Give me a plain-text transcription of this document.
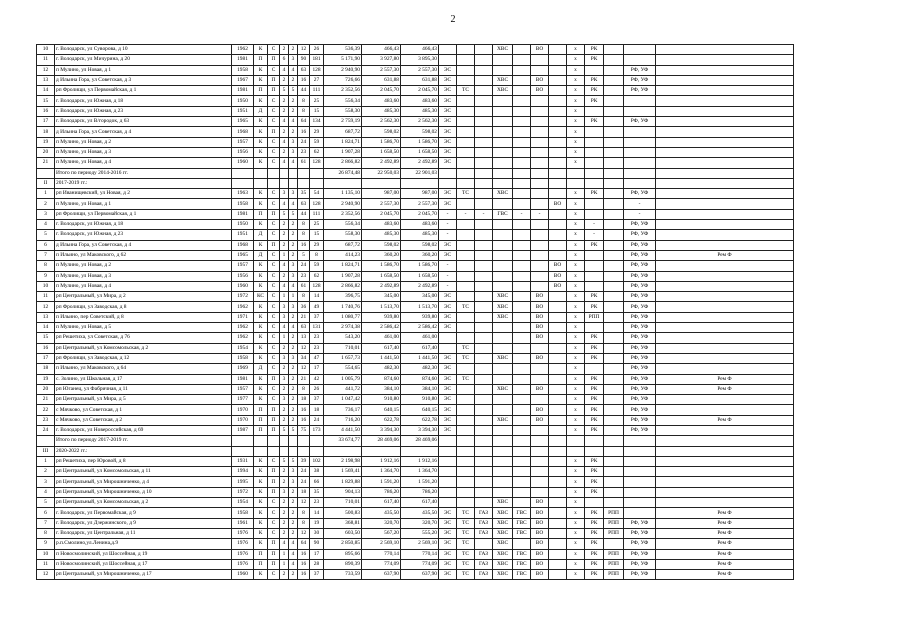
2
10	г. Володарск, ул Суворова, д 10	1962	К	С	2	2	12	26	536,39	466,43	466,43				ХВС		ВО		х	РК			
11	г. Володарск, ул Мичурина, д 20	1981	П	П	6	3	90	181	5 171,90	3 927,80	3 895,30								х	РК			
12	п Мулино, ул Новая, д 1	1958	К	С	4	4	63	128	2 940,90	2 557,30	2 557,30	ЭС							х			РФ, УФ	
13	д Ильина Гора, ул Советская, д 3	1967	К	П	2	2	16	27	726,66	631,88	631,88	ЭС			ХВС		ВО		х	РК		РФ, УФ	
14	рп Фролищи, ул Первомайская, д 1	1981	П	П	5	5	44	111	2 352,56	2 045,70	2 045,70	ЭС	ТС		ХВС		ВО		х	РК		РФ, УФ	
15	г. Володарск, ул Южная, д 18	1950	К	С	2	2	8	25	556,34	483,60	483,60	ЭС							х	РК			
16	г. Володарск, ул Южная, д 23	1951	Д	С	2	2	8	15	558,30	485,30	485,30	ЭС							х				
17	г. Володарск, ул В/городок, д 63	1965	К	С	4	4	64	134	2 759,19	2 562,30	2 562,30	ЭС							х	РК		РФ, УФ	
18	д Ильина Гора, ул Советская, д 4	1968	К	П	2	2	16	29	687,72	598,02	598,02	ЭС							х				
19	п Мулино, ул Новая, д 2	1957	К	С	4	3	24	59	1 824,71	1 586,70	1 586,70	ЭС							х				
20	п Мулино, ул Новая, д 3	1956	К	С	2	3	23	62	1 907,28	1 658,50	1 658,50	ЭС							х				
21	п Мулино, ул Новая, д 4	1960	К	С	4	4	61	128	2 866,82	2 492,89	2 492,89	ЭС							х				
	Итого по периоду 2014-2016 гг.								26 874,48	22 950,03	22 901,03												
II	2017-2019 гг.:																						
1	рп Иванищевский, ул Новая, д 2	1963	К	С	3	3	35	54	1 135,10	987,00	987,00	ЭС	ТС		ХВС				х	РК		РФ, УФ	
2	п Мулино, ул Новая, д 1	1958	К	С	4	4	63	128	2 940,90	2 557,30	2 557,30	ЭС						ВО	х			-	
3	рп Фролищи, ул Первомайская, д 1	1981	П	П	5	5	44	111	2 352,56	2 045,70	2 045,70	-	-	-	ГВС	-	-		х			-	
4	г. Володарск, ул Южная, д 18	1950	К	С	2	2	8	25	556,34	483,60	483,60	-							х	-		РФ, УФ	
5	г. Володарск, ул Южная, д 23	1951	Д	С	2	2	8	15	558,30	485,30	485,30	-							х	-		РФ, УФ	
6	д Ильина Гора, ул Советская, д 4	1968	К	П	2	2	16	29	687,72	598,02	598,02	ЭС							х	РК		РФ, УФ	
7	п Ильино, ул Маковского, д 62	1965	Д	С	1	2	5	8	414,23	360,20	360,20	ЭС							х			РФ, УФ	Рем Ф
8	п Мулино, ул Новая, д 2	1957	К	С	4	3	24	59	1 824,71	1 586,70	1 586,70	-						ВО	х			РФ, УФ	
9	п Мулино, ул Новая, д 3	1956	К	С	2	3	23	62	1 907,28	1 658,50	1 658,50	-						ВО	х			РФ, УФ	
10	п Мулино, ул Новая, д 4	1960	К	С	4	4	61	128	2 866,82	2 492,89	2 492,89	-						ВО	х			РФ, УФ	
11	рп Центральный, ул Мира, д 2	1972	КС	С	1	1	8	14	396,75	345,00	345,00	ЭС			ХВС		ВО		х	РК		РФ, УФ	
12	рп Фролищи, ул Заводская, д 8	1962	К	С	3	3	36	49	1 740,76	1 513,70	1 513,70	ЭС	ТС		ХВС		ВО		х	РК		РФ, УФ	
13	п Ильино, пер Советский, д 8	1971	К	С	3	2	21	37	1 080,77	939,80	939,80	ЭС			ХВС		ВО		х	РПП		РФ, УФ	
14	п Мулино, ул Новая, д 5	1962	К	С	4	4	63	131	2 974,38	2 586,42	2 586,42	ЭС					ВО		х			РФ, УФ	
15	рп Решетиха, ул Советская, д 76	1962	К	С	1	2	13	23	543,20	461,00	461,00						ВО		х	РК		РФ, УФ	
16	рп Центральный, ул Комсомольская, д 2	1954	К	С	2	2	12	23	710,01	617,40	617,40		ТС						х	РК		РФ, УФ	
17	рп Фролищи, ул Заводская, д 12	1958	К	С	3	3	34	47	1 657,73	1 441,50	1 441,50	ЭС	ТС		ХВС		ВО		х	РК		РФ, УФ	
18	п Ильино, ул Маковского, д 64	1969	Д	С	2	2	12	17	554,65	482,30	482,30	ЭС							х			РФ, УФ	
19	с. Золино, ул Школьная, д 17	1981	К	П	3	2	21	42	1 005,79	874,60	874,60	ЭС	ТС						х	РК		РФ, УФ	Рем Ф
20	рп Юганец, ул Фабричная, д 11	1957	К	С	2	2	8	26	441,72	384,10	384,10	ЭС			ХВС		ВО		х	РК		РФ, УФ	Рем Ф
21	рп Центральный, ул Мира, д 5	1977	К	С	3	2	18	37	1 047,42	910,80	910,80	ЭС							х	РК		РФ, УФ	
22	с Мячково, ул Советская, д 1	1970	П	П	2	2	16	18	736,17	640,15	640,15	ЭС					ВО		х	РК		РФ, УФ	
23	с Мячково, ул Советская, д 2	1970	П	П	2	2	16	24	716,20	622,78	622,78	ЭС			ХВС		ВО		х	РК		РФ, УФ	Рем Ф
24	г. Володарск, ул Новероссийская, д 69	1987	П	П	5	5	75	173	4 441,50	3 394,30	3 394,30	ЭС							х	РК		РФ, УФ	
	Итого по периоду 2017-2019 гг.								33 674,77	28 469,06	28 469,06												
III	2020-2022 гг.:																						
1	рп Решетиха, пер Юровой, д 8	1931	К	С	5	5	39	102	2 198,98	1 912,16	1 912,16								х	РК			
2	рп Центральный, ул Комсомольская, д 11	1994	К	П	2	3	24	38	1 569,41	1 364,70	1 364,70								х	РК			
3	рп Центральный, ул Мирошниченко, д 4	1995	К	П	2	3	24	66	1 829,88	1 591,20	1 591,20								х	РК			
4	рп Центральный, ул Мирошниченко, д 10	1972	К	П	3	2	18	35	904,13	786,20	786,20								х	РК			
5	рп Центральный, ул Комсомольская, д 2	1954	К	С	2	2	12	23	710,01	617,40	617,40				ХВС		ВО		х				
6	г. Володарск, ул Первомайская, д 9	1958	К	С	2	2	8	14	500,83	435,50	435,50	ЭС	ТС	ГАЗ	ХВС	ГВС	ВО		х	РК	РПП		Рем Ф
7	г. Володарск, ул Дзержинского, д 9	1961	К	С	2	2	8	19	368,81	320,70	320,70	ЭС	ТС	ГАЗ	ХВС	ГВС	ВО		х	РК	РПП	РФ, УФ	Рем Ф
8	г. Володарск, ул Центральная, д 11	1976	К	С	2	2	12	30	603,50	567,20	555,20	ЭС	ТС	ГАЗ	ХВС	ГВС	ВО		х	РК	РПП	РФ, УФ	Рем Ф
9	р.п.Смолино,ул.Ленина,д.9	1976	К	П	4	4	64	90	2 850,85	2 569,10	2 569,10	ЭС	ТС		ХВС		ВО		х	РК		РФ, УФ	Рем Ф
10	п Новосмолинский, ул Шоссейная, д 19	1976	П	П	1	4	16	17	895,66	770,14	770,14	ЭС	ТС	ГАЗ	ХВС	ГВС	ВО		х	РК	РПП	РФ, УФ	Рем Ф
11	п Новосмолинский, ул Шоссейная, д 17	1976	П	П	1	4	16	28	890,39	774,09	774,09	ЭС	ТС	ГАЗ	ХВС	ГВС	ВО		х	РК	РПП	РФ, УФ	Рем Ф
12	рп Центральный, ул Мирошниченко, д 17	1960	К	С	2	2	16	37	733,59	637,90	637,90	ЭС	ТС	ГАЗ	ХВС	ГВС	ВО		х	РК	РПП	РФ, УФ	Рем Ф
